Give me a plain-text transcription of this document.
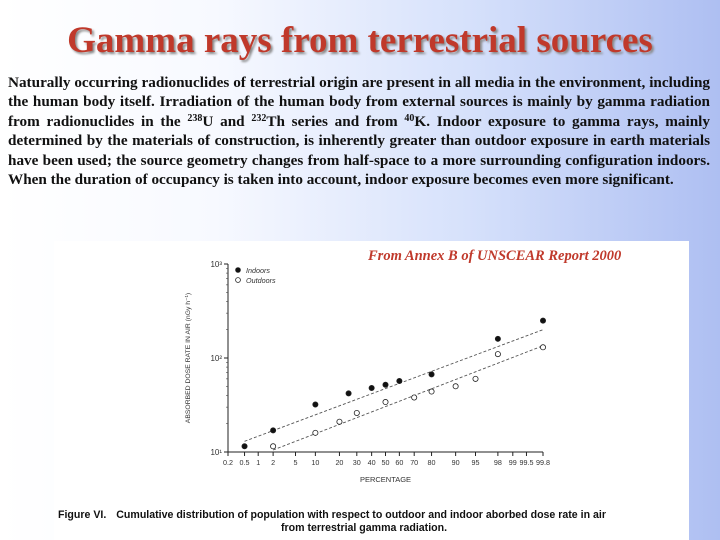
Gamma rays from terrestrial sources

Naturally occurring radionuclides of terrestrial origin are present in all media in the environment, including the human body itself. Irradiation of the human body from external sources is mainly by gamma radiation from radionuclides in the $^{238}$U and $^{232}$Th series and from $^{40}$K. Indoor exposure to gamma rays, mainly determined by the materials of construction, is inherently greater than outdoor exposure in earth materials have been used; the source geometry changes from half-space to a more surrounding configuration indoors. When the duration of occupancy is taken into account, indoor exposure becomes even more significant.

From Annex B of UNSCEAR Report 2000
10¹
10²
10³
0.2 0.5 1 2	5 10 20 30 40 50 60 70 80 90 95 98 99 99.5 99.8
PERCENTAGE
ABSORBED DOSE RATE IN AIR (nGy h⁻¹)
Indoors
Outdoors
Figure VI. Cumulative distribution of population with respect to outdoor and indoor aborbed dose rate in air
from terrestrial gamma radiation.
